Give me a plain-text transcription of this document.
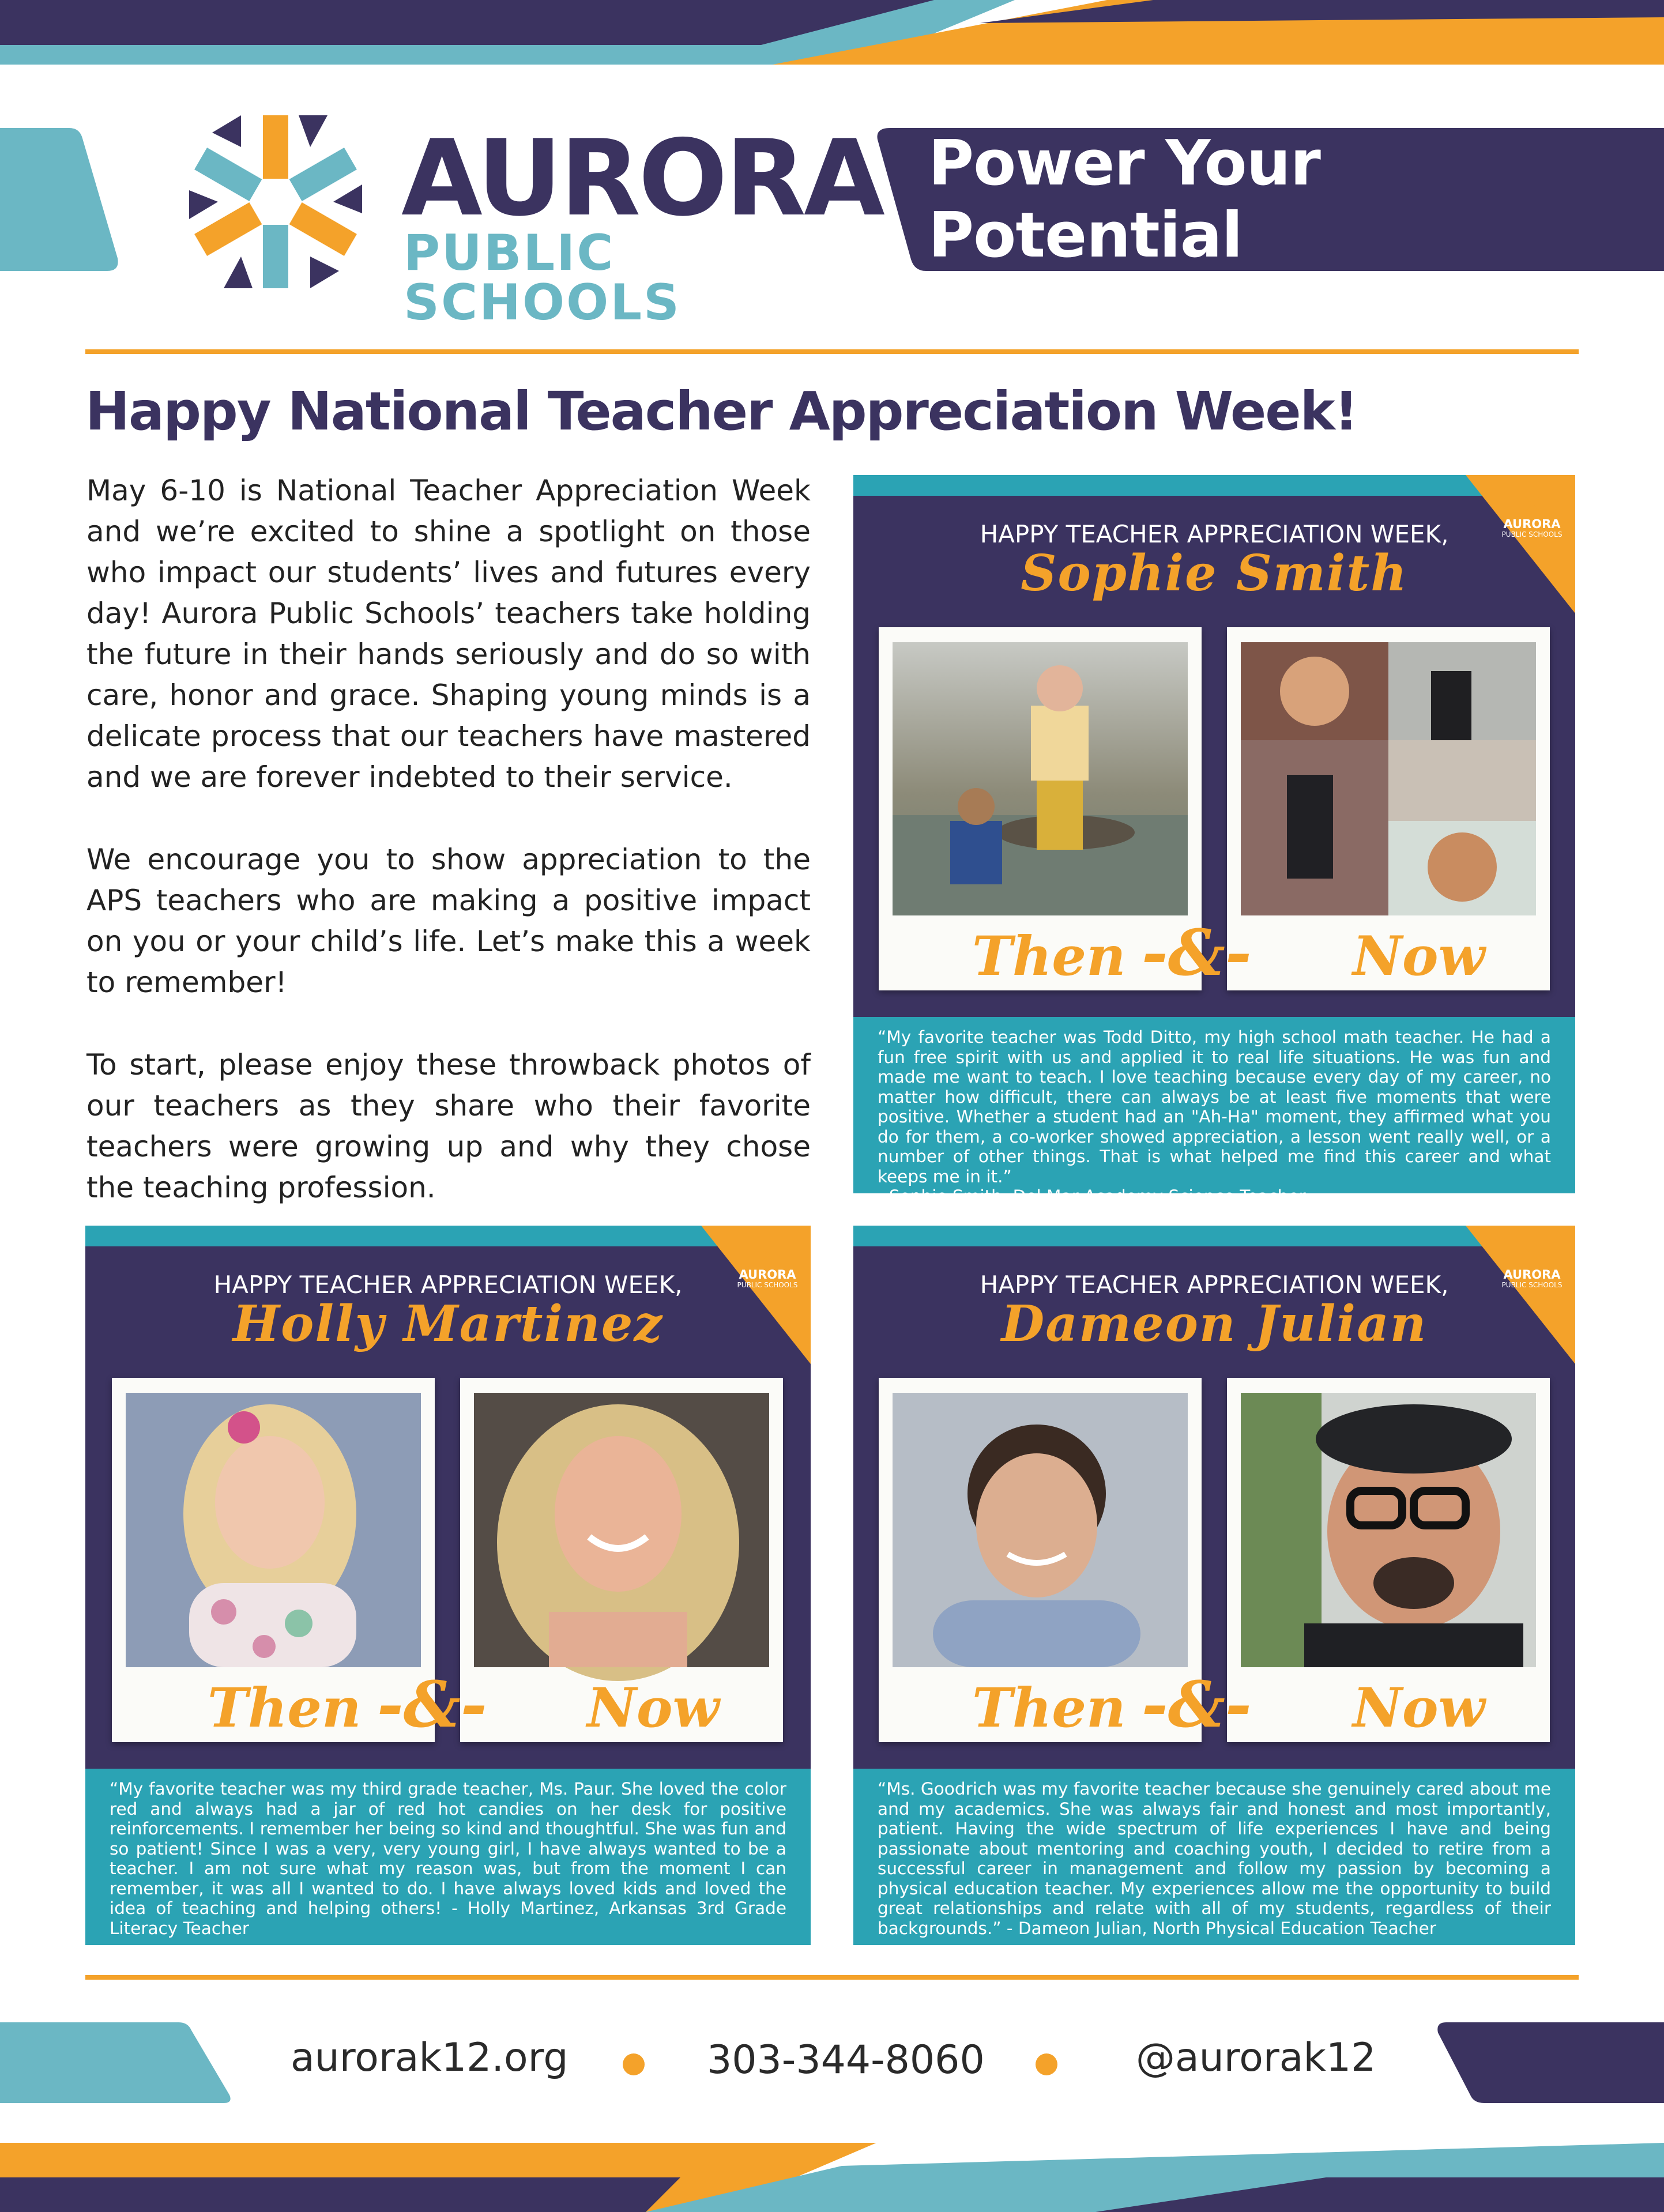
AURORA
PUBLIC SCHOOLS
Power Your Potential
Happy National Teacher Appreciation Week!

May 6-10 is National Teacher Appreciation Week and we’re excited to shine a spotlight on those who impact our students’ lives and futures every day! Aurora Public Schools’ teachers take holding the future in their hands seriously and do so with care, honor and grace. Shaping young minds is a delicate process that our teachers have mastered and we are forever indebted to their service.

We encourage you to show appreciation to the APS teachers who are making a positive impact on you or your child’s life. Let’s make this a week to remember!

To start, please enjoy these throwback photos of our teachers as they share who their favorite teachers were growing up and why they chose the teaching profession.

✳
AURORA
PUBLIC SCHOOLS
HAPPY TEACHER APPRECIATION WEEK,
Sophie Smith
Then -&- Now
“My favorite teacher was Todd Ditto, my high school math teacher. He had a fun free spirit with us and applied it to real life situations. He was fun and made me want to teach. I love teaching because every day of my career, no matter how difficult, there can always be at least five moments that were positive. Whether a student had an "Ah-Ha" moment, they affirmed what you do for them, a co-worker showed appreciation, a lesson went really well, or a number of other things. That is what helped me find this career and what keeps me in it.”
- Sophie Smith, Del Mar Academy Science Teacher
✳
AURORA
PUBLIC SCHOOLS
HAPPY TEACHER APPRECIATION WEEK,
Holly Martinez
Then -&- Now
“My favorite teacher was my third grade teacher, Ms. Paur. She loved the color red and always had a jar of red hot candies on her desk for positive reinforcements. I remember her being so kind and thoughtful. She was fun and so patient! Since I was a very, very young girl, I have always wanted to be a teacher. I am not sure what my reason was, but from the moment I can remember, it was all I wanted to do. I have always loved kids and loved the idea of teaching and helping others! - Holly Martinez, Arkansas 3rd Grade Literacy Teacher
✳
AURORA
PUBLIC SCHOOLS
HAPPY TEACHER APPRECIATION WEEK,
Dameon Julian
Then -&- Now
“Ms. Goodrich was my favorite teacher because she genuinely cared about me and my academics. She was always fair and honest and most importantly, patient. Having the wide spectrum of life experiences I have and being passionate about mentoring and coaching youth, I decided to retire from a successful career in management and follow my passion by becoming a physical education teacher. My experiences allow me the opportunity to build great relationships and relate with all of my students, regardless of their backgrounds.” - Dameon Julian, North Physical Education Teacher
aurorak12.org	303-344-8060	@aurorak12
